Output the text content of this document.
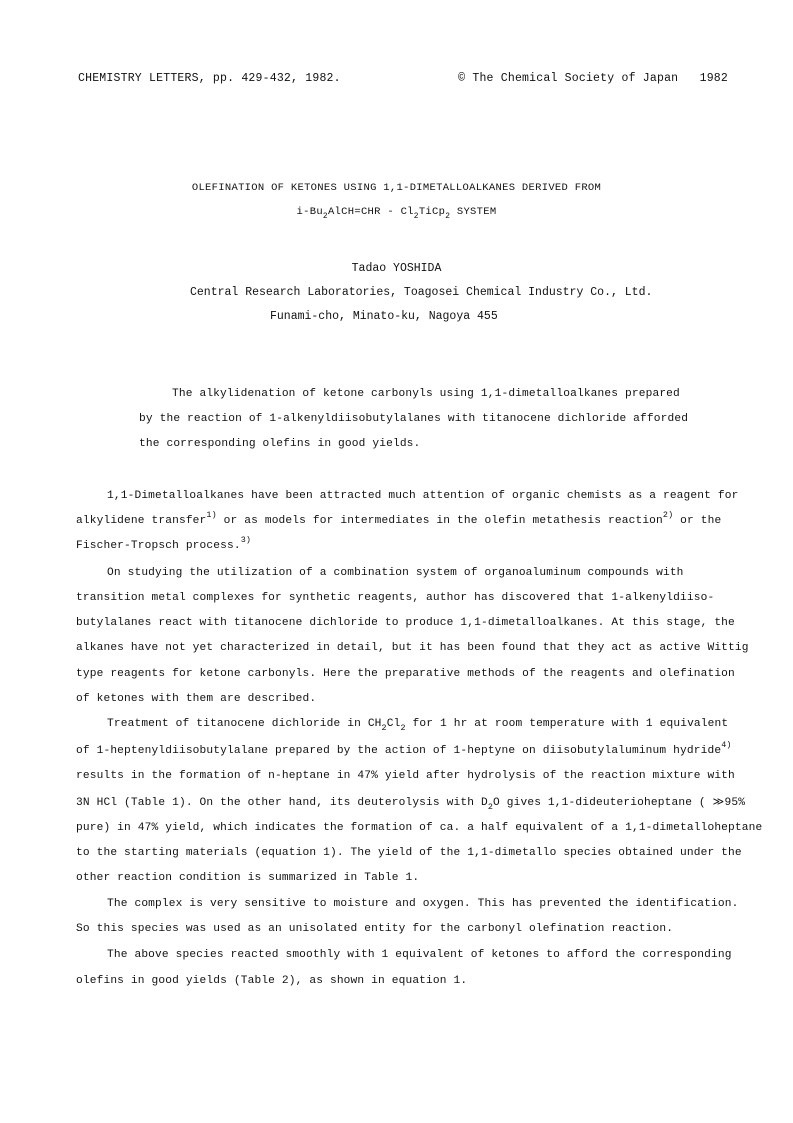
CHEMISTRY LETTERS, pp. 429-432, 1982.	© The Chemical Society of Japan 1982
OLEFINATION OF KETONES USING 1,1-DIMETALLOALKANES DERIVED FROM
$i-Bu_2AlCH=CHR$ - $Cl_2TiCp_2$ SYSTEM
Tadao YOSHIDA
Central Research Laboratories, Toagosei Chemical Industry Co., Ltd.
Funami-cho, Minato-ku, Nagoya 455
The alkylidenation of ketone carbonyls using 1,1-dimetalloalkanes prepared
by the reaction of 1-alkenyldiisobutylalanes with titanocene dichloride afforded
the corresponding olefins in good yields.
1,1-Dimetalloalkanes have been attracted much attention of organic chemists as a reagent for
alkylidene transfer$^{1)}$ or as models for intermediates in the olefin metathesis reaction$^{2)}$ or the
Fischer-Tropsch process.$^{3)}$
On studying the utilization of a combination system of organoaluminum compounds with
transition metal complexes for synthetic reagents, author has discovered that 1-alkenyldiiso-
butylalanes react with titanocene dichloride to produce 1,1-dimetalloalkanes. At this stage, the
alkanes have not yet characterized in detail, but it has been found that they act as active Wittig
type reagents for ketone carbonyls. Here the preparative methods of the reagents and olefination
of ketones with them are described.
Treatment of titanocene dichloride in $CH_2Cl_2$ for 1 hr at room temperature with 1 equivalent
of 1-heptenyldiisobutylalane prepared by the action of 1-heptyne on diisobutylaluminum hydride$^{4)}$
results in the formation of n-heptane in 47% yield after hydrolysis of the reaction mixture with
3N HCl (Table 1). On the other hand, its deuterolysis with $D_2O$ gives 1,1-dideuterioheptane ( ≫95%
pure) in 47% yield, which indicates the formation of ca. a half equivalent of a 1,1-dimetalloheptane
to the starting materials (equation 1). The yield of the 1,1-dimetallo species obtained under the
other reaction condition is summarized in Table 1.
The complex is very sensitive to moisture and oxygen. This has prevented the identification.
So this species was used as an unisolated entity for the carbonyl olefination reaction.
The above species reacted smoothly with 1 equivalent of ketones to afford the corresponding
olefins in good yields (Table 2), as shown in equation 1.
